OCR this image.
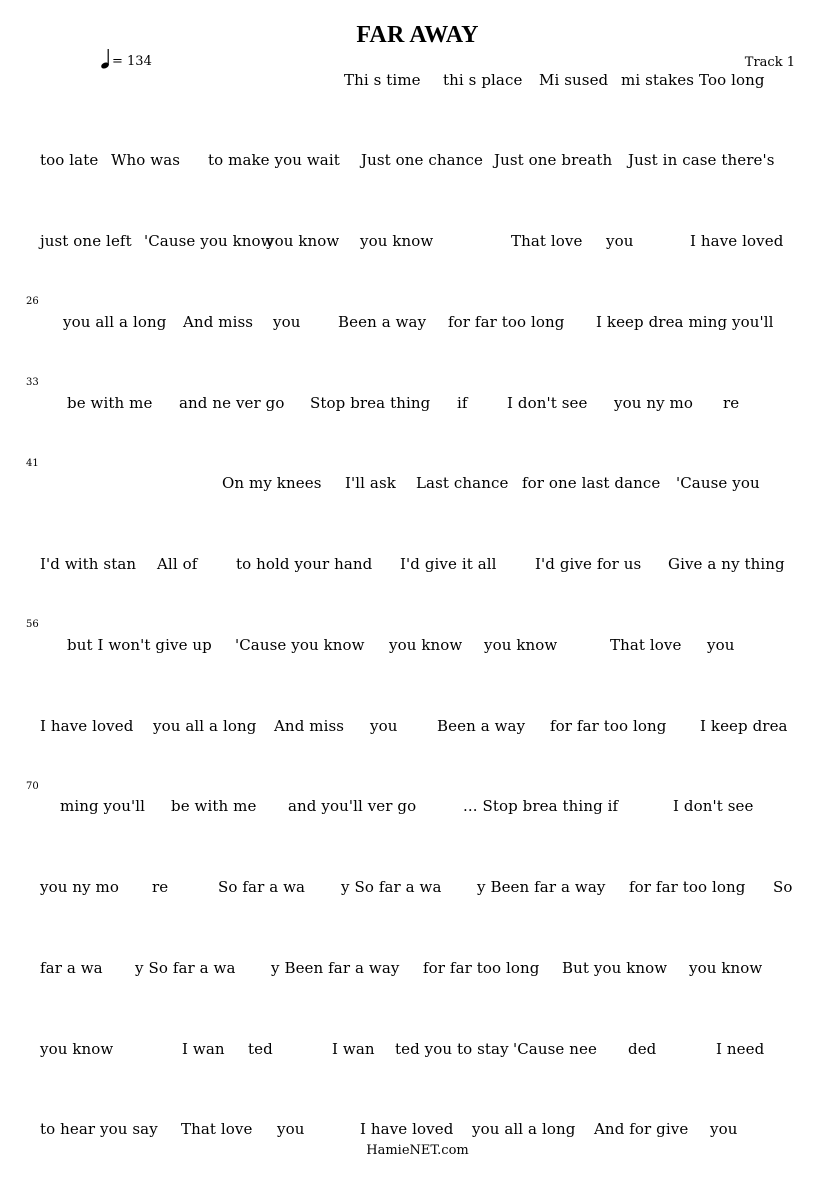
FAR AWAY
= 134	Track 1
Thi s time thi s place Mi sused mi stakes Too long
too late Who was to make you wait Just one chance Just one breath Just in case there's
just one left 'Cause you know
you know you know	That love you	I have loved
26
you all a long And miss you	Been a way for far too long I keep drea ming you'll
33
be with me and ne ver go Stop brea thing if	I don't see you ny mo re
41
On my knees I'll ask Last chance for one last dance 'Cause you
I'd with stan All of	to hold your hand I'd give it all	I'd give for us Give a ny thing
56
but I won't give up 'Cause you know you know you know	That love you
I have loved you all a long And miss you	Been a way for far too long I keep drea
70
ming you'll be with me and you'll ver go	... Stop brea thing if	I don't see
you ny mo re	So far a wa y So far a wa y Been far a way for far too long So
far a wa y So far a wa y Been far a way for far too long But you know you know
you know	I wan ted	I wan ted you to stay 'Cause nee ded	I need
to hear you say That love you	I have loved you all a long And for give you
HamieNET.com
